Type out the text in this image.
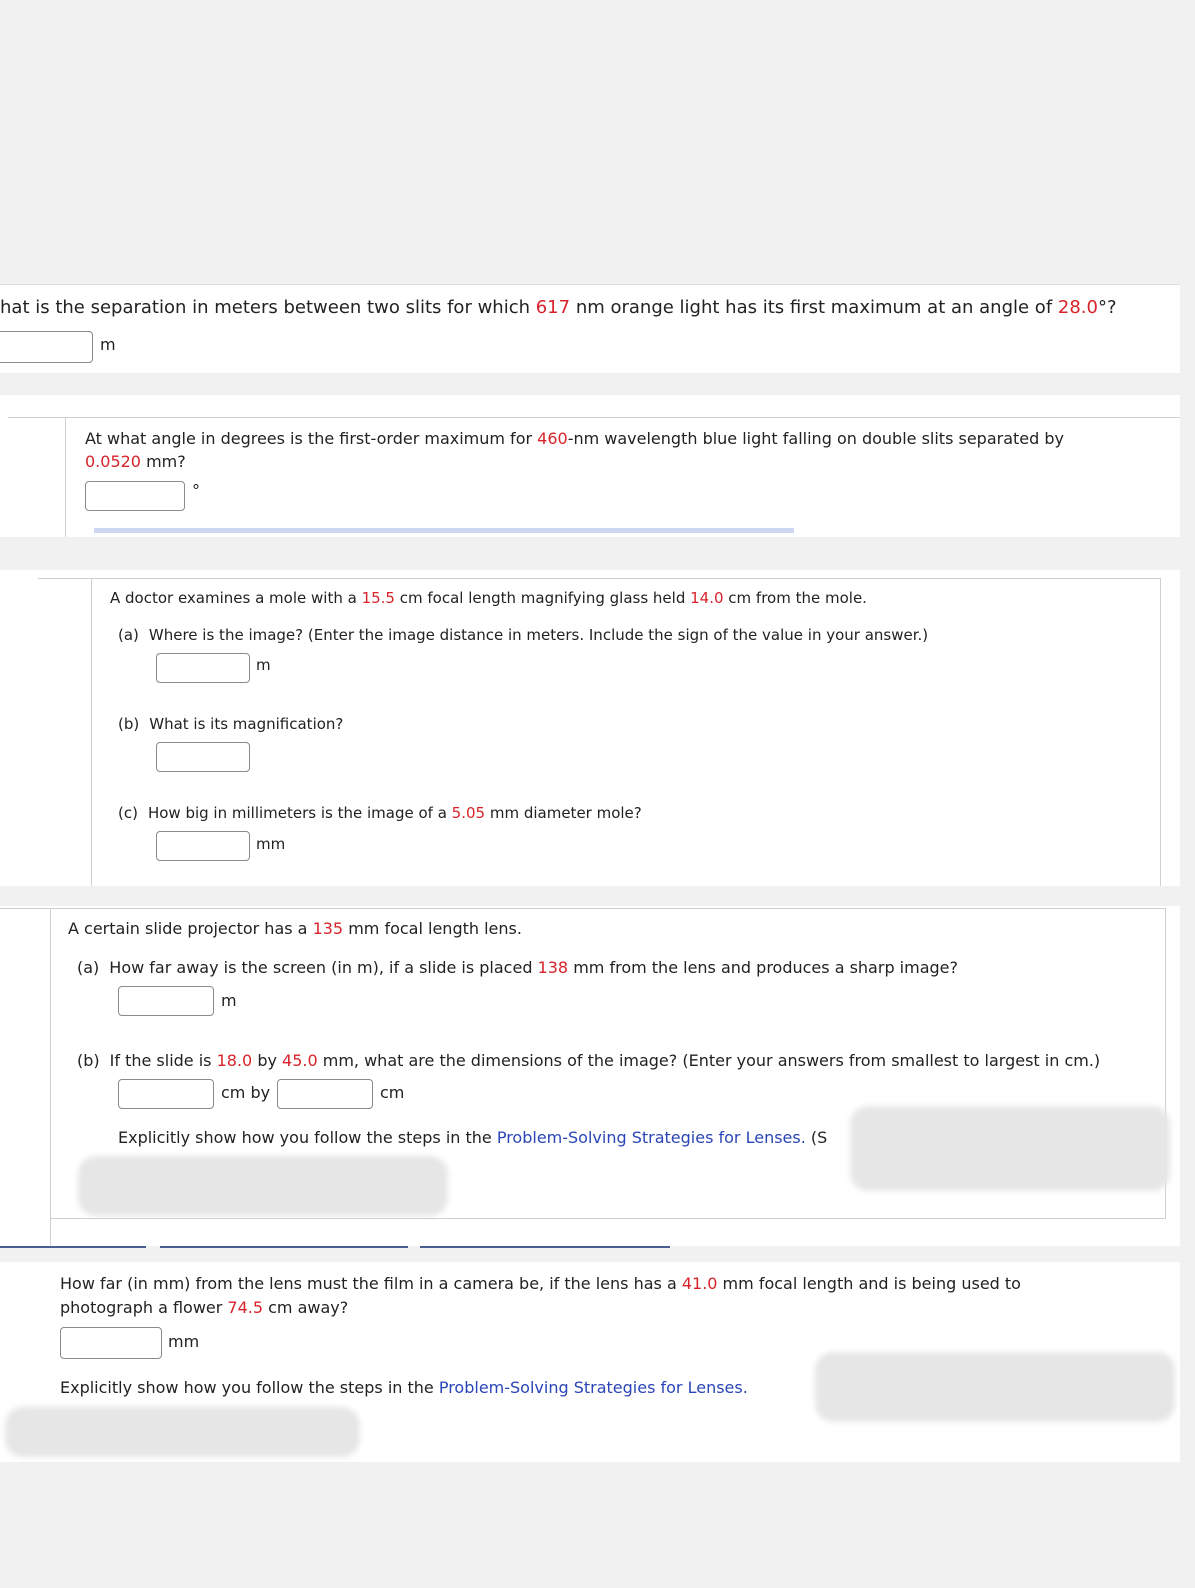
hat is the separation in meters between two slits for which 617 nm orange light has its first maximum at an angle of 28.0°?
m
At what angle in degrees is the first-order maximum for 460-nm wavelength blue light falling on double slits separated by
0.0520 mm?
°
A doctor examines a mole with a 15.5 cm focal length magnifying glass held 14.0 cm from the mole.
(a) Where is the image? (Enter the image distance in meters. Include the sign of the value in your answer.)
m
(b) What is its magnification?
(c) How big in millimeters is the image of a 5.05 mm diameter mole?
mm
A certain slide projector has a 135 mm focal length lens.
(a) How far away is the screen (in m), if a slide is placed 138 mm from the lens and produces a sharp image?
m
(b) If the slide is 18.0 by 45.0 mm, what are the dimensions of the image? (Enter your answers from smallest to largest in cm.)
cm by	cm
Explicitly show how you follow the steps in the Problem-Solving Strategies for Lenses. (S
How far (in mm) from the lens must the film in a camera be, if the lens has a 41.0 mm focal length and is being used to
photograph a flower 74.5 cm away?
mm
Explicitly show how you follow the steps in the Problem-Solving Strategies for Lenses.
